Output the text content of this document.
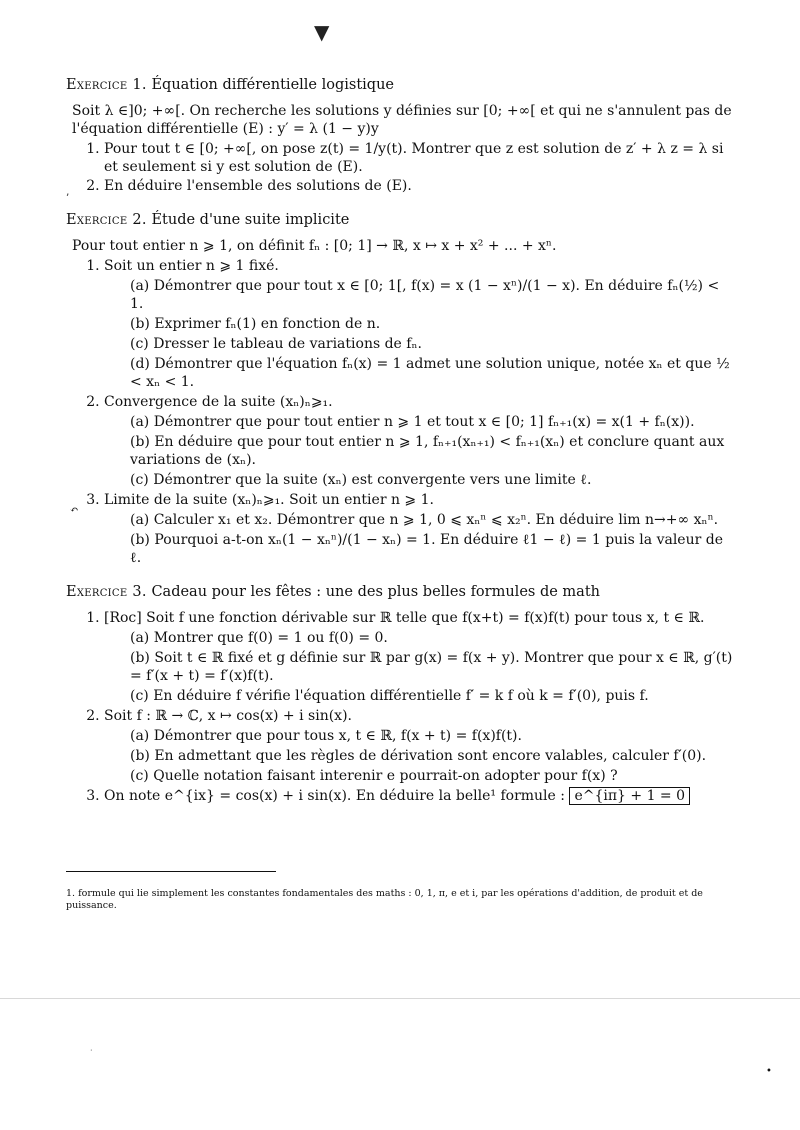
▼
’
↶
•
‧
Exercice 1. Équation différentielle logistique

Soit λ ∈]0; +∞[. On recherche les solutions y définies sur [0; +∞[ et qui ne s'annulent pas de l'équation différentielle (E) : y′ = λ (1 − y)y

1. Pour tout t ∈ [0; +∞[, on pose z(t) = 1/y(t). Montrer que z est solution de z′ + λ z = λ si et seulement si y est solution de (E).
2. En déduire l'ensemble des solutions de (E).
Exercice 2. Étude d'une suite implicite

Pour tout entier n ⩾ 1, on définit fₙ : [0; 1] → ℝ, x ↦ x + x² + ... + xⁿ.

1. Soit un entier n ⩾ 1 fixé.
(a) Démontrer que pour tout x ∈ [0; 1[, f(x) = x (1 − xⁿ)/(1 − x). En déduire fₙ(½) < 1.
(b) Exprimer fₙ(1) en fonction de n.
(c) Dresser le tableau de variations de fₙ.
(d) Démontrer que l'équation fₙ(x) = 1 admet une solution unique, notée xₙ et que ½ < xₙ < 1.
2. Convergence de la suite (xₙ)ₙ⩾₁.
(a) Démontrer que pour tout entier n ⩾ 1 et tout x ∈ [0; 1] fₙ₊₁(x) = x(1 + fₙ(x)).
(b) En déduire que pour tout entier n ⩾ 1, fₙ₊₁(xₙ₊₁) < fₙ₊₁(xₙ) et conclure quant aux variations de (xₙ).
(c) Démontrer que la suite (xₙ) est convergente vers une limite ℓ.
3. Limite de la suite (xₙ)ₙ⩾₁. Soit un entier n ⩾ 1.
(a) Calculer x₁ et x₂. Démontrer que n ⩾ 1, 0 ⩽ xₙⁿ ⩽ x₂ⁿ. En déduire lim n→+∞ xₙⁿ.
(b) Pourquoi a-t-on xₙ(1 − xₙⁿ)/(1 − xₙ) = 1. En déduire ℓ1 − ℓ) = 1 puis la valeur de ℓ.
Exercice 3. Cadeau pour les fêtes : une des plus belles formules de math
1. [Roc] Soit f une fonction dérivable sur ℝ telle que f(x+t) = f(x)f(t) pour tous x, t ∈ ℝ.
(a) Montrer que f(0) = 1 ou f(0) = 0.
(b) Soit t ∈ ℝ fixé et g définie sur ℝ par g(x) = f(x + y). Montrer que pour x ∈ ℝ, g′(t) = f′(x + t) = f′(x)f(t).
(c) En déduire f vérifie l'équation différentielle f′ = k f où k = f′(0), puis f.
2. Soit f : ℝ → ℂ, x ↦ cos(x) + i sin(x).
(a) Démontrer que pour tous x, t ∈ ℝ, f(x + t) = f(x)f(t).
(b) En admettant que les règles de dérivation sont encore valables, calculer f′(0).
(c) Quelle notation faisant interenir e pourrait-on adopter pour f(x) ?
3. On note e^{ix} = cos(x) + i sin(x). En déduire la belle¹ formule : e^{iπ} + 1 = 0

1. formule qui lie simplement les constantes fondamentales des maths : 0, 1, π, e et i, par les opérations d'addition, de produit et de puissance.
